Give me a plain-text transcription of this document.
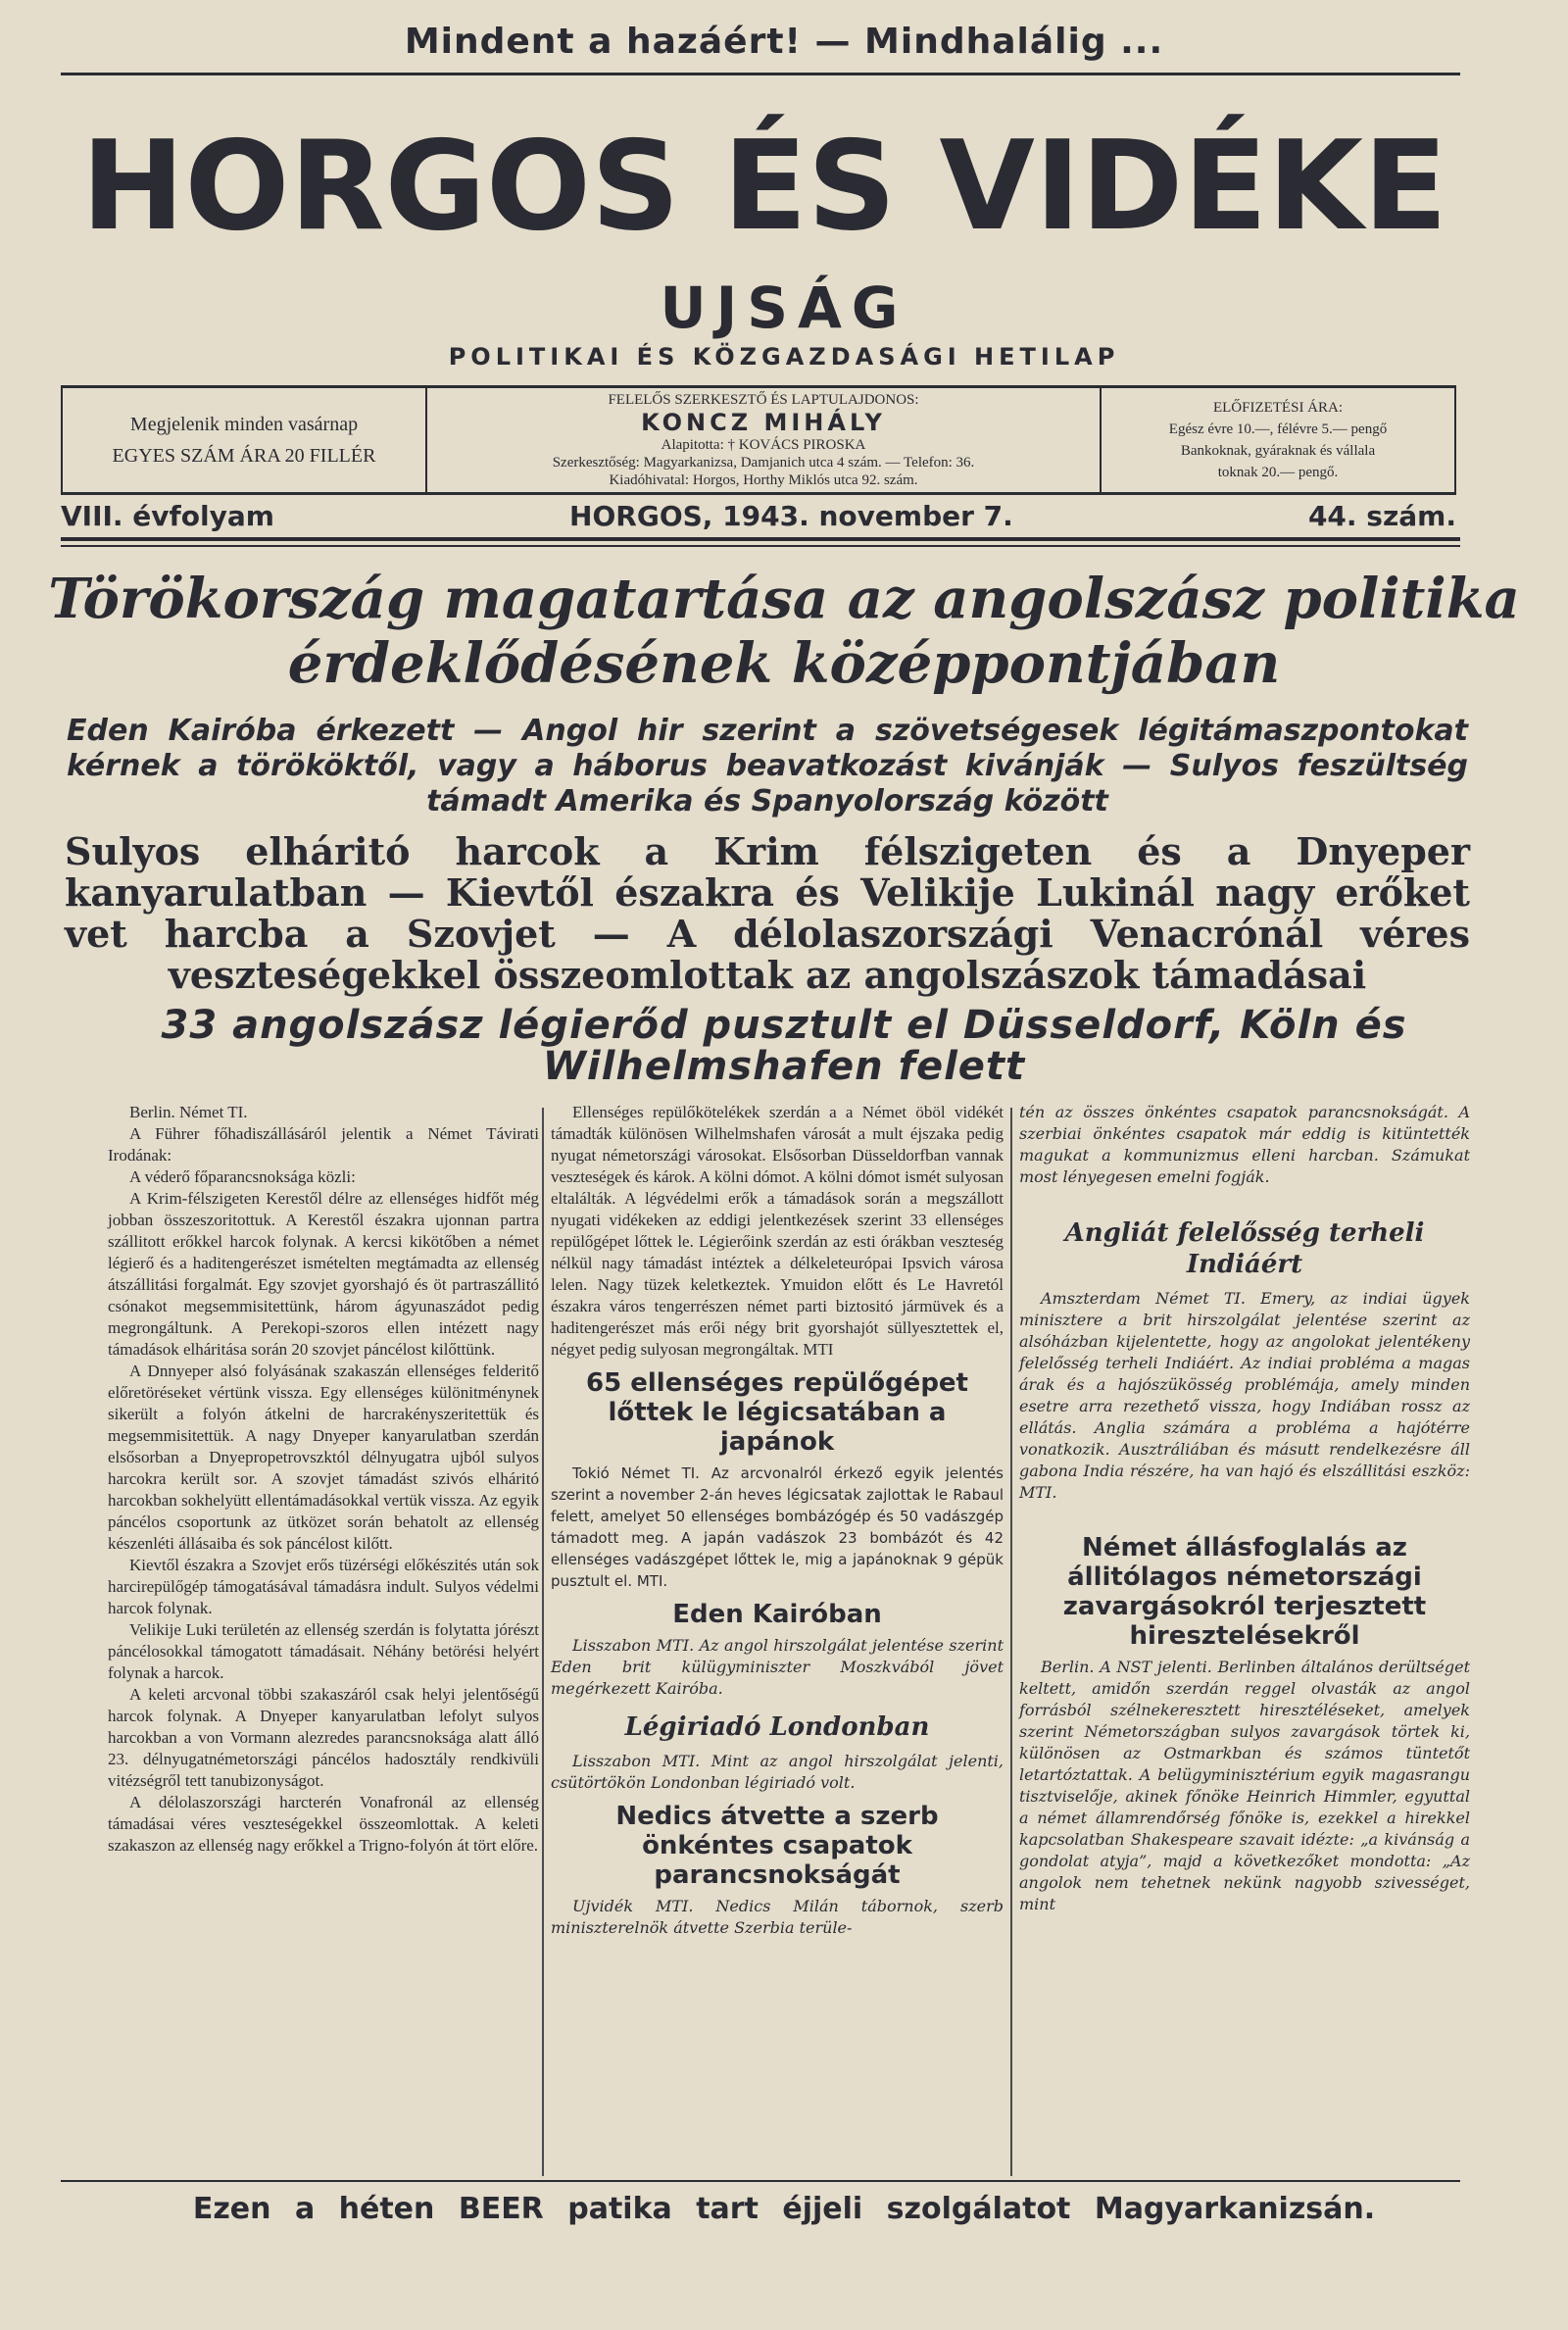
Mindent a hazáért! — Mindhalálig ...
HORGOS ÉS VIDÉKE
UJSÁG
POLITIKAI ÉS KÖZGAZDASÁGI HETILAP
Megjelenik minden vasárnap
EGYES SZÁM ÁRA 20 FILLÉR
FELELŐS SZERKESZTŐ ÉS LAPTULAJDONOS:
KONCZ MIHÁLY
Alapitotta: † KOVÁCS PIROSKA
Szerkesztőség: Magyarkanizsa, Damjanich utca 4 szám. — Telefon: 36.
Kiadóhivatal: Horgos, Horthy Miklós utca 92. szám.
ELŐFIZETÉSI ÁRA:
Egész évre 10.—, félévre 5.— pengő
Bankoknak, gyáraknak és vállala
toknak 20.— pengő.
VIII. évfolyam	HORGOS, 1943. november 7.	44. szám.
Törökország magatartása az angolszász politika érdeklődésének középpontjában
Eden Kairóba érkezett — Angol hir szerint a szövetségesek légitámaszpontokat kérnek a törököktől, vagy a háborus beavatkozást kivánják — Sulyos feszültség támadt Amerika és Spanyolország között
Sulyos elháritó harcok a Krim félszigeten és a Dnyeper kanyarulatban — Kievtől északra és Velikije Lukinál nagy erőket vet harcba a Szovjet — A délolaszországi Venacrónál véres veszteségekkel összeomlottak az angolszászok támadásai
33 angolszász légierőd pusztult el Düsseldorf, Köln és Wilhelmshafen felett

Berlin. Német TI.

A Führer főhadiszállásáról jelentik a Német Távirati Irodának:

A véderő főparancsnoksága közli:

A Krim-félszigeten Kerestől délre az ellenséges hidfőt még jobban összeszoritottuk. A Kerestől északra ujonnan partra szállitott erőkkel harcok folynak. A kercsi kikötőben a német légierő és a haditengerészet ismételten megtámadta az ellenség átszállitási forgalmát. Egy szovjet gyorshajó és öt partraszállitó csónakot megsemmisitettünk, három ágyunaszádot pedig megrongáltunk. A Perekopi-szoros ellen intézett nagy támadások elháritása során 20 szovjet páncélost kilőttünk.

A Dnnyeper alsó folyásának szakaszán ellenséges felderitő előretöréseket vértünk vissza. Egy ellenséges különitménynek sikerült a folyón átkelni de harcrakényszeritettük és megsemmisitettük. A nagy Dnyeper kanyarulatban szerdán elsősorban a Dnyepropetrovszktól délnyugatra ujból sulyos harcokra került sor. A szovjet támadást szivós elháritó harcokban sokhelyütt ellentámadásokkal vertük vissza. Az egyik páncélos csoportunk az ütközet során behatolt az ellenség készenléti állásaiba és sok páncélost kilőtt.

Kievtől északra a Szovjet erős tüzérségi előkészités után sok harcirepülőgép támogatásával támadásra indult. Sulyos védelmi harcok folynak.

Velikije Luki területén az ellenség szerdán is folytatta jórészt páncélosokkal támogatott támadásait. Néhány betörési helyért folynak a harcok.

A keleti arcvonal többi szakaszáról csak helyi jelentőségű harcok folynak. A Dnyeper kanyarulatban lefolyt sulyos harcokban a von Vormann alezredes parancsnoksága alatt álló 23. délnyugatnémetországi páncélos hadosztály rendkivüli vitézségről tett tanubizonyságot.

A délolaszországi harcterén Vonafronál az ellenség támadásai véres veszteségekkel összeomlottak. A keleti szakaszon az ellenség nagy erőkkel a Trigno-folyón át tört előre.

Ellenséges repülőkötelékek szerdán a a Német öböl vidékét támadták különösen Wilhelmshafen városát a mult éjszaka pedig nyugat németországi városokat. Elsősorban Düsseldorfban vannak veszteségek és károk. A kölni dómot. A kölni dómot ismét sulyosan eltalálták. A légvédelmi erők a támadások során a megszállott nyugati vidékeken az eddigi jelentkezések szerint 33 ellenséges repülőgépet lőttek le. Légierőink szerdán az esti órákban veszteség nélkül nagy támadást intéztek a délkeleteurópai Ipsvich városa lelen. Nagy tüzek keletkeztek. Ymuidon előtt és Le Havretól északra város tengerrészen német parti biztositó jármüvek és a haditengerészet más erői négy brit gyorshajót süllyesztettek el, négyet pedig sulyosan megrongáltak. MTI

65 ellenséges repülőgépet lőttek le légicsatában a japánok

Tokió Német TI. Az arcvonalról érkező egyik jelentés szerint a november 2-án heves légicsatak zajlottak le Rabaul felett, amelyet 50 ellenséges bombázógép és 50 vadászgép támadott meg. A japán vadászok 23 bombázót és 42 ellenséges vadászgépet lőttek le, mig a japánoknak 9 gépük pusztult el. MTI.

Eden Kairóban

Lisszabon MTI. Az angol hirszolgálat jelentése szerint Eden brit külügyminiszter Moszkvából jövet megérkezett Kairóba.

Légiriadó Londonban

Lisszabon MTI. Mint az angol hirszolgálat jelenti, csütörtökön Londonban légiriadó volt.

Nedics átvette a szerb önkéntes csapatok parancsnokságát

Ujvidék MTI. Nedics Milán tábornok, szerb miniszterelnök átvette Szerbia terüle-

tén az összes önkéntes csapatok parancsnokságát. A szerbiai önkéntes csapatok már eddig is kitüntették magukat a kommunizmus elleni harcban. Számukat most lényegesen emelni fogják.

Angliát felelősség terheli Indiáért

Amszterdam Német TI. Emery, az indiai ügyek minisztere a brit hirszolgálat jelentése szerint az alsóházban kijelentette, hogy az angolokat jelentékeny felelősség terheli Indiáért. Az indiai probléma a magas árak és a hajószükösség problémája, amely minden esetre arra rezethető vissza, hogy Indiában rossz az ellátás. Anglia számára a probléma a hajótérre vonatkozik. Ausztráliában és másutt rendelkezésre áll gabona India részére, ha van hajó és elszállitási eszköz: MTI.

Német állásfoglalás az állitólagos németországi zavargásokról terjesztett hiresztelésekről

Berlin. A NST jelenti. Berlinben általános derültséget keltett, amidőn szerdán reggel olvasták az angol forrásból szélnekeresztett hiresztéléseket, amelyek szerint Németországban sulyos zavargások törtek ki, különösen az Ostmarkban és számos tüntetőt letartóztattak. A belügyminisztérium egyik magasrangu tisztviselője, akinek főnöke Heinrich Himmler, egyuttal a német államrendőrség főnöke is, ezekkel a hirekkel kapcsolatban Shakespeare szavait idézte: „a kivánság a gondolat atyja”, majd a következőket mondotta: „Az angolok nem tehetnek nekünk nagyobb szivességet, mint

Ezen a héten BEER patika tart éjjeli szolgálatot Magyarkanizsán.
